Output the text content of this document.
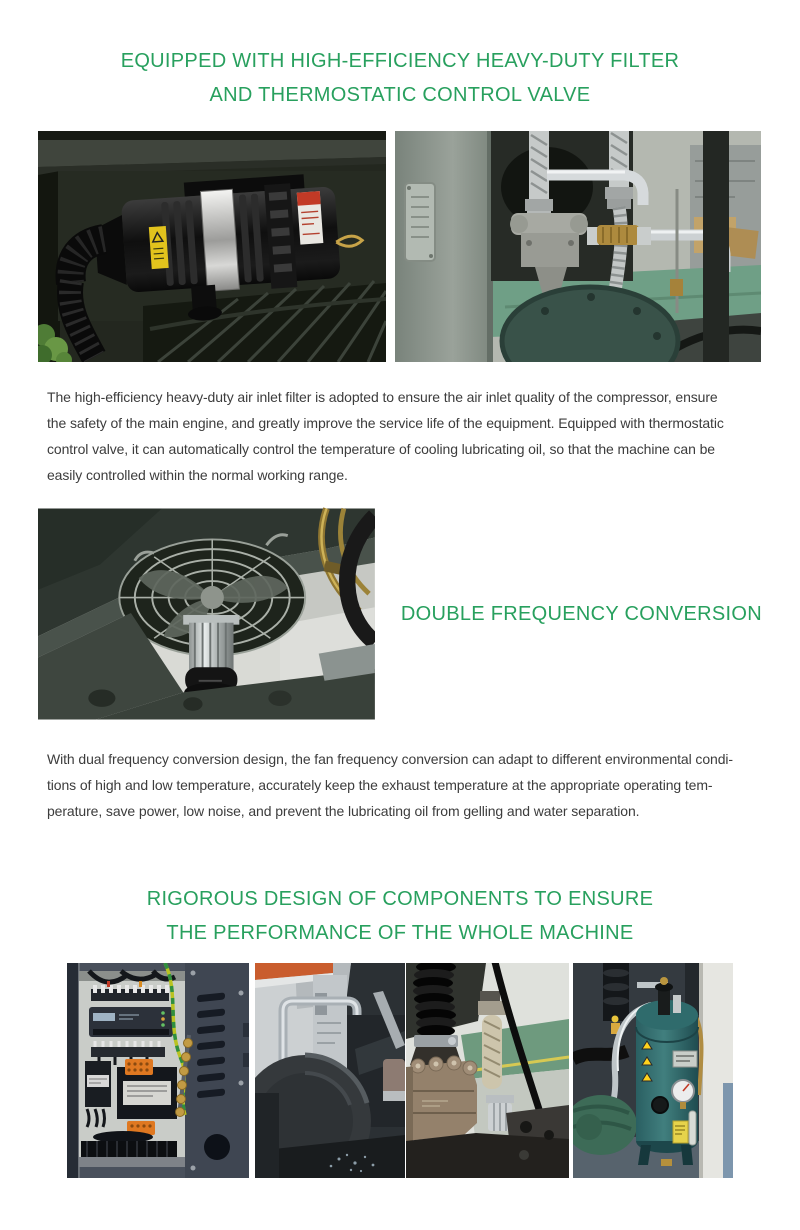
EQUIPPED WITH HIGH-EFFICIENCY HEAVY-DUTY FILTER
AND THERMOSTATIC CONTROL VALVE
The high-efficiency heavy-duty air inlet filter is adopted to ensure the air inlet quality of the compressor, ensure
the safety of the main engine, and greatly improve the service life of the equipment. Equipped with thermostatic
control valve, it can automatically control the temperature of cooling lubricating oil, so that the machine can be
easily controlled within the normal working range.
DOUBLE FREQUENCY CONVERSION
With dual frequency conversion design, the fan frequency conversion can adapt to different environmental condi-
tions of high and low temperature, accurately keep the exhaust temperature at the appropriate operating tem-
perature, save power, low noise, and prevent the lubricating oil from gelling and water separation.
RIGOROUS DESIGN OF COMPONENTS TO ENSURE
THE PERFORMANCE OF THE WHOLE MACHINE
